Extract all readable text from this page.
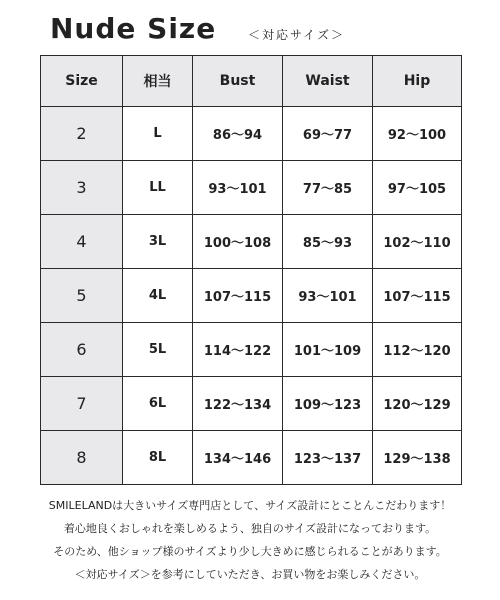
Nude Size	＜対応サイズ＞
Size	相当	Bust	Waist	Hip
2	L	86〜94	69〜77	92〜100
3	LL	93〜101	77〜85	97〜105
4	3L	100〜108	85〜93	102〜110
5	4L	107〜115	93〜101	107〜115
6	5L	114〜122	101〜109	112〜120
7	6L	122〜134	109〜123	120〜129
8	8L	134〜146	123〜137	129〜138
SMILELANDは大きいサイズ専門店として、サイズ設計にとことんこだわります！
着心地良くおしゃれを楽しめるよう、独自のサイズ設計になっております。
そのため、他ショップ様のサイズより少し大きめに感じられることがあります。
＜対応サイズ＞を参考にしていただき、お買い物をお楽しみください。
